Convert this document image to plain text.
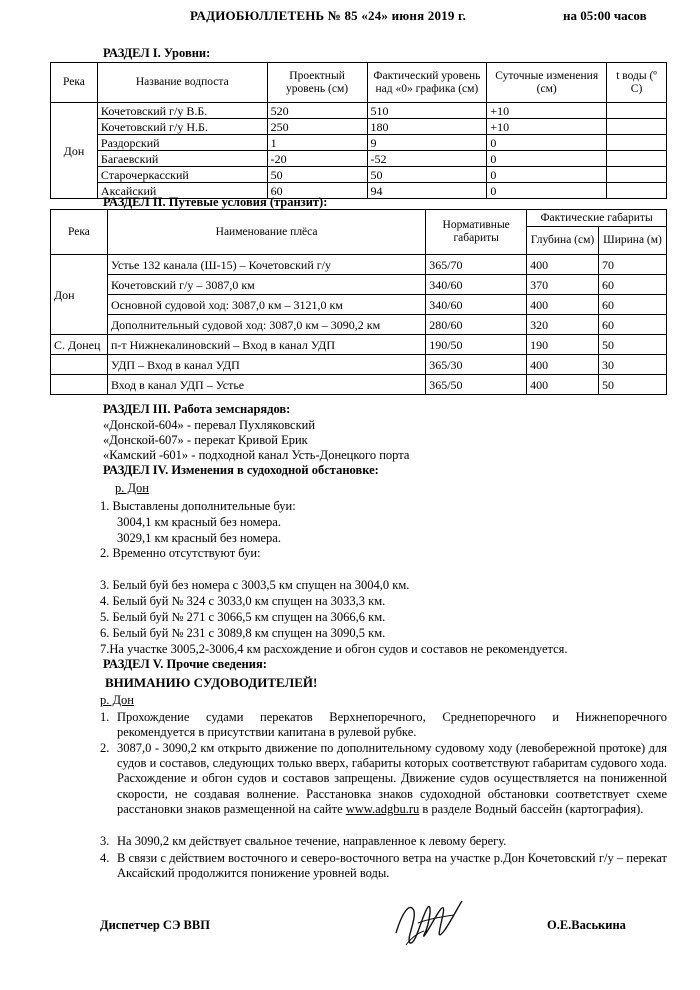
РАДИОБЮЛЛЕТЕНЬ № 85 «24» июня 2019 г.	на 05:00 часов
РАЗДЕЛ I. Уровни:
Река	Название водпоста	Проектный уровень (см)	Фактический уровень над «0» графика (см)	Суточные изменения (см)	t воды (º С)
Дон	Кочетовский г/у В.Б.	520	510	+10	
	Кочетовский г/у Н.Б.	250	180	+10	
	Раздорский	1	9	0	
	Багаевский	-20	-52	0	
	Старочеркасский	50	50	0	
	Аксайский	60	94	0	
РАЗДЕЛ II. Путевые условия (транзит):
Река	Наименование плёса	Нормативные габариты	Фактические габариты	
			Глубина (см)	Ширина (м)
Дон	Устье 132 канала (Ш-15) – Кочетовский г/у	365/70	400	70
	Кочетовский г/у – 3087,0 км	340/60	370	60
	Основной судовой ход: 3087,0 км – 3121,0 км	340/60	400	60
	Дополнительный судовой ход: 3087,0 км – 3090,2 км	280/60	320	60
С. Донец	п-т Нижнекалиновский – Вход в канал УДП	190/50	190	50
	УДП – Вход в канал УДП	365/30	400	30
	Вход в канал УДП – Устье	365/50	400	50
РАЗДЕЛ III. Работа земснарядов:
«Донской-604» - перевал Пухляковский
«Донской-607» - перекат Кривой Ерик
«Камский -601» - подходной канал Усть-Донецкого порта
РАЗДЕЛ IV. Изменения в судоходной обстановке:
р. Дон
1. Выставлены дополнительные буи:
3004,1 км красный без номера.
3029,1 км красный без номера.
2. Временно отсутствуют буи:
3. Белый буй без номера с 3003,5 км спущен на 3004,0 км.
4. Белый буй № 324 с 3033,0 км спущен на 3033,3 км.
5. Белый буй № 271 с 3066,5 км спущен на 3066,6 км.
6. Белый буй № 231 с 3089,8 км спущен на 3090,5 км.
7.На участке 3005,2-3006,4 км расхождение и обгон судов и составов не рекомендуется.
РАЗДЕЛ V. Прочие сведения:
ВНИМАНИЮ СУДОВОДИТЕЛЕЙ!
р. Дон
1. Прохождение судами перекатов Верхнепоречного, Среднепоречного и Нижнепоречного рекомендуется в присутствии капитана в рулевой рубке.
2. 3087,0 - 3090,2 км открыто движение по дополнительному судовому ходу (левобережной протоке) для судов и составов, следующих только вверх, габариты которых соответствуют габаритам судового хода. Расхождение и обгон судов и составов запрещены. Движение судов осуществляется на пониженной скорости, не создавая волнение. Расстановка знаков судоходной обстановки соответствует схеме расстановки знаков размещенной на сайте www.adgbu.ru в разделе Водный бассейн (картография).
3. На 3090,2 км действует свальное течение, направленное к левому берегу.
4. В связи с действием восточного и северо-восточного ветра на участке р.Дон Кочетовский г/у – перекат Аксайский продолжится понижение уровней воды.
Диспетчер СЭ ВВП	О.Е.Васькина
